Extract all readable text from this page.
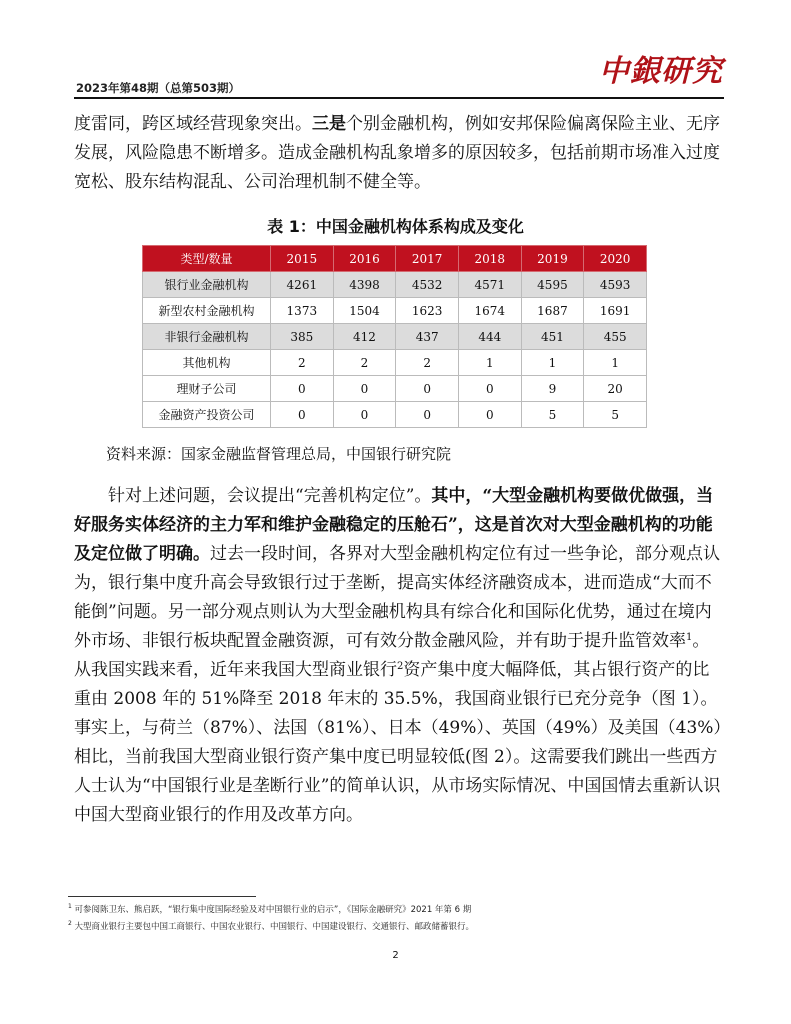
2023年第48期（总第503期）	中銀研究

度雷同，跨区域经营现象突出。三是个别金融机构，例如安邦保险偏离保险主业、无序发展，风险隐患不断增多。造成金融机构乱象增多的原因较多，包括前期市场准入过度宽松、股东结构混乱、公司治理机制不健全等。

表 1：中国金融机构体系构成及变化
类型/数量	2015	2016	2017	2018	2019	2020
银行业金融机构	4261	4398	4532	4571	4595	4593
新型农村金融机构	1373	1504	1623	1674	1687	1691
非银行金融机构	385	412	437	444	451	455
其他机构	2	2	2	1	1	1
理财子公司	0	0	0	0	9	20
金融资产投资公司	0	0	0	0	5	5
资料来源：国家金融监督管理总局，中国银行研究院

针对上述问题，会议提出“完善机构定位”。其中，“大型金融机构要做优做强，当好服务实体经济的主力军和维护金融稳定的压舱石”，这是首次对大型金融机构的功能及定位做了明确。过去一段时间，各界对大型金融机构定位有过一些争论，部分观点认为，银行集中度升高会导致银行过于垄断，提高实体经济融资成本，进而造成“大而不能倒”问题。另一部分观点则认为大型金融机构具有综合化和国际化优势，通过在境内外市场、非银行板块配置金融资源，可有效分散金融风险，并有助于提升监管效率$^1$。从我国实践来看，近年来我国大型商业银行$^2$资产集中度大幅降低，其占银行资产的比重由 2008 年的 51%降至 2018 年末的 35.5%，我国商业银行已充分竞争（图 1）。事实上，与荷兰（87%）、法国（81%）、日本（49%）、英国（49%）及美国（43%）相比，当前我国大型商业银行资产集中度已明显较低(图 2）。这需要我们跳出一些西方人士认为“中国银行业是垄断行业”的简单认识，从市场实际情况、中国国情去重新认识中国大型商业银行的作用及改革方向。

$^1$ 可参阅陈卫东、熊启跃，“银行集中度国际经验及对中国银行业的启示”，《国际金融研究》2021 年第 6 期
$^2$ 大型商业银行主要包中国工商银行、中国农业银行、中国银行、中国建设银行、交通银行、邮政储蓄银行。
2
